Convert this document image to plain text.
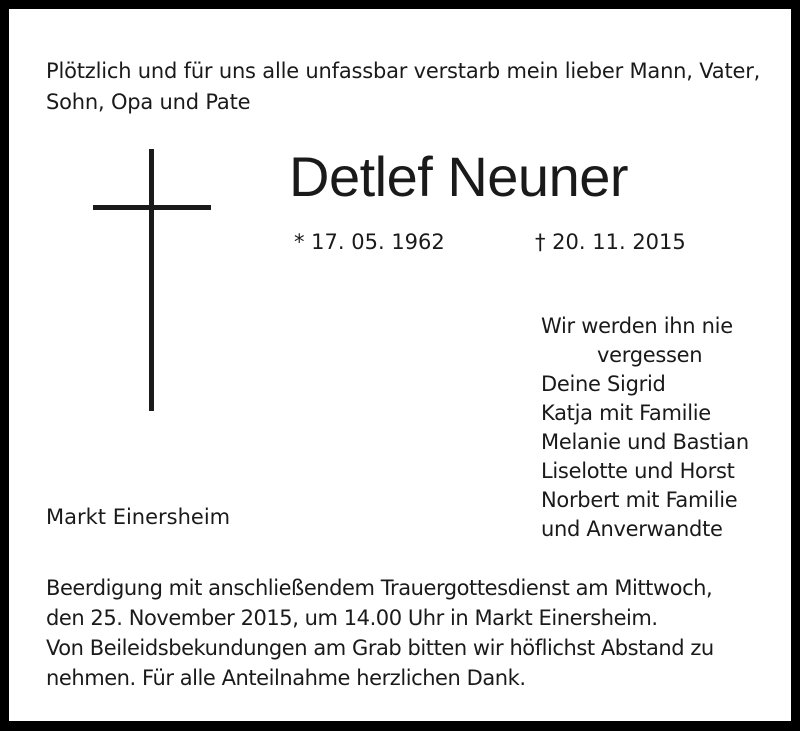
Plötzlich und für uns alle unfassbar verstarb mein lieber Mann, Vater,
Sohn, Opa und Pate

Detlef Neuner
* 17. 05. 1962	† 20. 11. 2015

Wir werden ihn nie
vergessen
Deine Sigrid
Katja mit Familie
Melanie und Bastian
Liselotte und Horst
Norbert mit Familie
und Anverwandte

Markt Einersheim

Beerdigung mit anschließendem Trauergottesdienst am Mittwoch,
den 25. November 2015, um 14.00 Uhr in Markt Einersheim.
Von Beileidsbekundungen am Grab bitten wir höflichst Abstand zu
nehmen. Für alle Anteilnahme herzlichen Dank.
